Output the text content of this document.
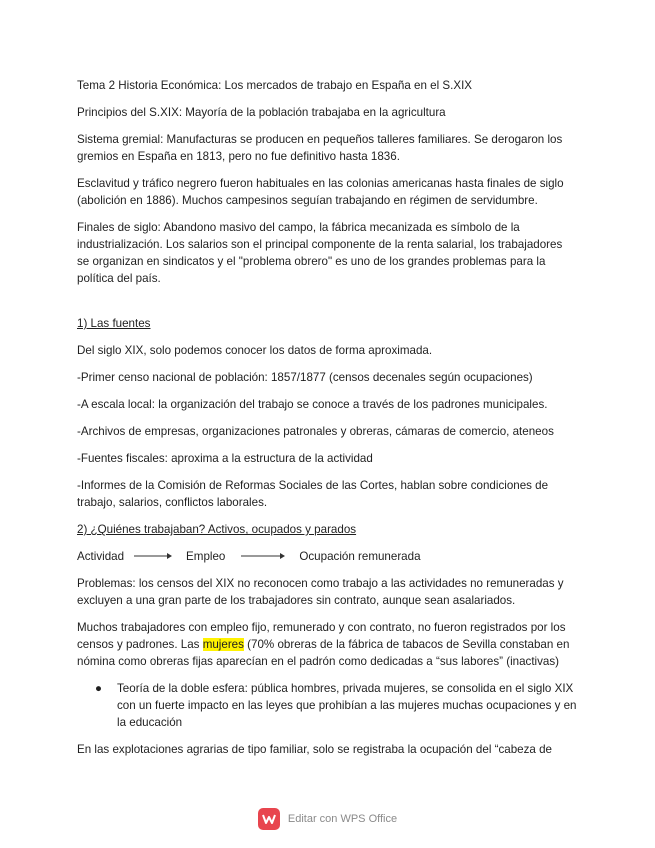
Tema 2 Historia Económica: Los mercados de trabajo en España en el S.XIX

Principios del S.XIX: Mayoría de la población trabajaba en la agricultura

Sistema gremial: Manufacturas se producen en pequeños talleres familiares. Se derogaron los gremios en España en 1813, pero no fue definitivo hasta 1836.

Esclavitud y tráfico negrero fueron habituales en las colonias americanas hasta finales de siglo (abolición en 1886). Muchos campesinos seguían trabajando en régimen de servidumbre.

Finales de siglo: Abandono masivo del campo, la fábrica mecanizada es símbolo de la industrialización. Los salarios son el principal componente de la renta salarial, los trabajadores se organizan en sindicatos y el "problema obrero" es uno de los grandes problemas para la política del país.

1) Las fuentes

Del siglo XIX, solo podemos conocer los datos de forma aproximada.

-Primer censo nacional de población: 1857/1877 (censos decenales según ocupaciones)

-A escala local: la organización del trabajo se conoce a través de los padrones municipales.

-Archivos de empresas, organizaciones patronales y obreras, cámaras de comercio, ateneos

-Fuentes fiscales: aproxima a la estructura de la actividad

-Informes de la Comisión de Reformas Sociales de las Cortes, hablan sobre condiciones de trabajo, salarios, conflictos laborales.

2) ¿Quiénes trabajaban? Activos, ocupados y parados

Actividad	Empleo	Ocupación remunerada

Problemas: los censos del XIX no reconocen como trabajo a las actividades no remuneradas y excluyen a una gran parte de los trabajadores sin contrato, aunque sean asalariados.

Muchos trabajadores con empleo fijo, remunerado y con contrato, no fueron registrados por los censos y padrones. Las mujeres (70% obreras de la fábrica de tabacos de Sevilla constaban en nómina como obreras fijas aparecían en el padrón como dedicadas a “sus labores” (inactivas)

●	Teoría de la doble esfera: pública hombres, privada mujeres, se consolida en el siglo XIX con un fuerte impacto en las leyes que prohibían a las mujeres muchas ocupaciones y en la educación

En las explotaciones agrarias de tipo familiar, solo se registraba la ocupación del “cabeza de

Editar con WPS Office
